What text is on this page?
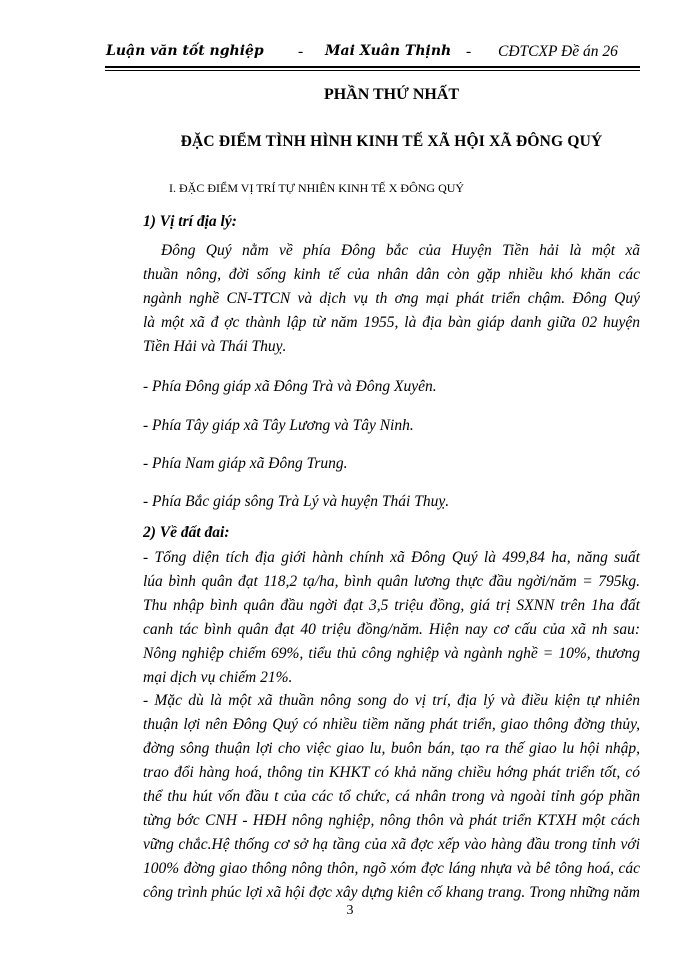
Luận văn tốt nghiệp - Mai Xuân Thịnh - CĐTCXP Đề án 26
PHẦN THỨ NHẤT
ĐẶC ĐIỂM TÌNH HÌNH KINH TẾ XÃ HỘI XÃ ĐÔNG QUÝ
I. ĐẶC ĐIỂM VỊ TRÍ TỰ NHIÊN KINH TẾ X ĐÔNG QUÝ
1) Vị trí địa lý:
Đông Quý nằm về phía Đông bắc của Huyện Tiền hải là một xã
thuần nông, đời sống kinh tế của nhân dân còn gặp nhiều khó khăn các
ngành nghề CN-TTCN và dịch vụ th ơng mại phát triển chậm. Đông Quý
là một xã đ ợc thành lập từ năm 1955, là địa bàn giáp danh giữa 02 huyện
Tiền Hải và Thái Thuỵ.
- Phía Đông giáp xã Đông Trà và Đông Xuyên.
- Phía Tây giáp xã Tây Lương và Tây Ninh.
- Phía Nam giáp xã Đông Trung.
- Phía Bắc giáp sông Trà Lý và huyện Thái Thuỵ.
2) Về đất đai:
- Tổng diện tích địa giới hành chính xã Đông Quý là 499,84 ha, năng suất
lúa bình quân đạt 118,2 tạ/ha, bình quân lương thực đầu ngời/năm = 795kg.
Thu nhập bình quân đầu ngời đạt 3,5 triệu đồng, giá trị SXNN trên 1ha đất
canh tác bình quân đạt 40 triệu đồng/năm. Hiện nay cơ cấu của xã nh sau:
Nông nghiệp chiếm 69%, tiểu thủ công nghiệp và ngành nghề = 10%, thương
mại dịch vụ chiếm 21%.
- Mặc dù là một xã thuần nông song do vị trí, địa lý và điều kiện tự nhiên
thuận lợi nên Đông Quý có nhiều tiềm năng phát triển, giao thông đờng thủy,
đờng sông thuận lợi cho việc giao lu, buôn bán, tạo ra thế giao lu hội nhập,
trao đổi hàng hoá, thông tin KHKT có khả năng chiều hớng phát triển tốt, có
thể thu hút vốn đầu t của các tổ chức, cá nhân trong và ngoài tỉnh góp phần
từng bớc CNH - HĐH nông nghiệp, nông thôn và phát triển KTXH một cách
vững chắc.Hệ thống cơ sở hạ tầng của xã đợc xếp vào hàng đầu trong tỉnh với
100% đờng giao thông nông thôn, ngõ xóm đợc láng nhựa và bê tông hoá, các
công trình phúc lợi xã hội đợc xây dựng kiên cố khang trang. Trong những năm
3
